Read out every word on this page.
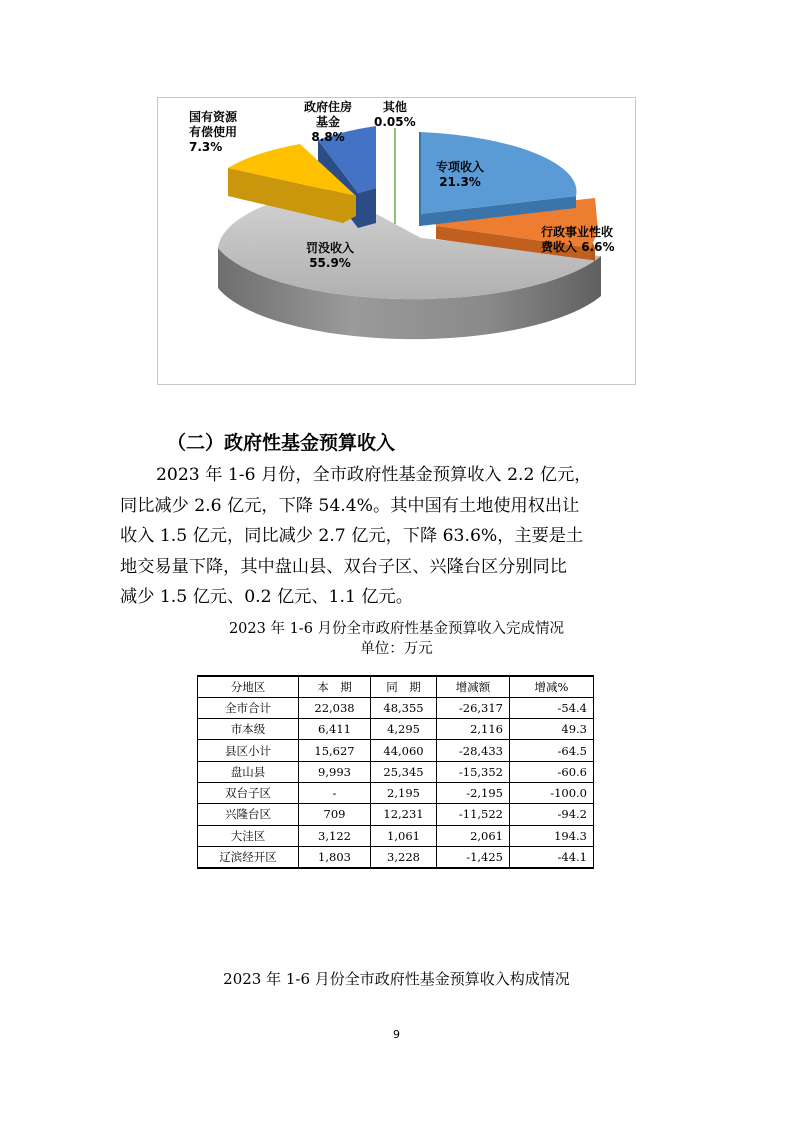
国有资源
有偿使用
7.3%
政府住房
基金
8.8%
其他
0.05%
专项收入
21.3%
行政事业性收
费收入 6.6%
罚没收入
55.9%
（二）政府性基金预算收入
2023 年 1-6 月份，全市政府性基金预算收入 2.2 亿元，
同比减少 2.6 亿元，下降 54.4%。其中国有土地使用权出让
收入 1.5 亿元，同比减少 2.7 亿元，下降 63.6%，主要是土
地交易量下降，其中盘山县、双台子区、兴隆台区分别同比
减少 1.5 亿元、0.2 亿元、1.1 亿元。
2023 年 1-6 月份全市政府性基金预算收入完成情况
单位：万元
分地区	本　期	同　期	增减额	增减%
全市合计	22,038	48,355	-26,317	-54.4
市本级	6,411	4,295	2,116	49.3
县区小计	15,627	44,060	-28,433	-64.5
盘山县	9,993	25,345	-15,352	-60.6
双台子区	-	2,195	-2,195	-100.0
兴隆台区	709	12,231	-11,522	-94.2
大洼区	3,122	1,061	2,061	194.3
辽滨经开区	1,803	3,228	-1,425	-44.1
2023 年 1-6 月份全市政府性基金预算收入构成情况
9
